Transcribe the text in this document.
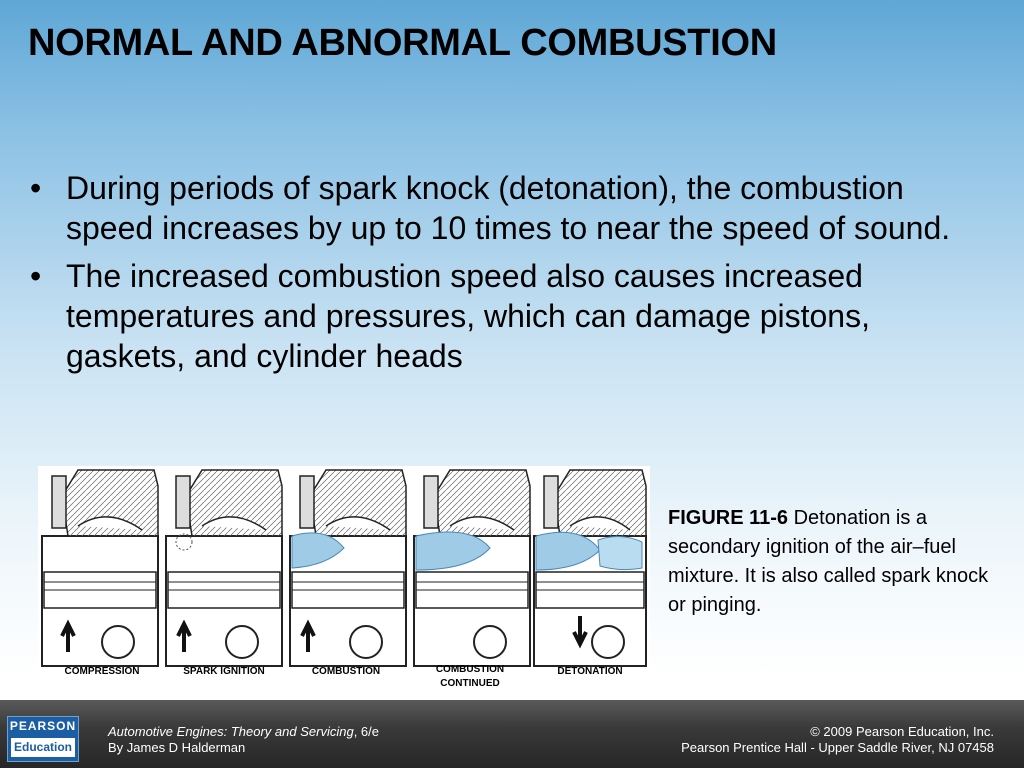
NORMAL AND ABNORMAL COMBUSTION
• During periods of spark knock (detonation), the combustion speed increases by up to 10 times to near the speed of sound.
• The increased combustion speed also causes increased temperatures and pressures, which can damage pistons, gaskets, and cylinder heads
COMPRESSION	SPARK IGNITION	COMBUSTION	COMBUSTION
CONTINUED
DETONATION
FIGURE 11-6 Detonation is a secondary ignition of the air–fuel mixture. It is also called spark knock or pinging.
PEARSON
Education
Automotive Engines: Theory and Servicing, 6/e
By James D Halderman
© 2009 Pearson Education, Inc.
Pearson Prentice Hall - Upper Saddle River, NJ 07458
